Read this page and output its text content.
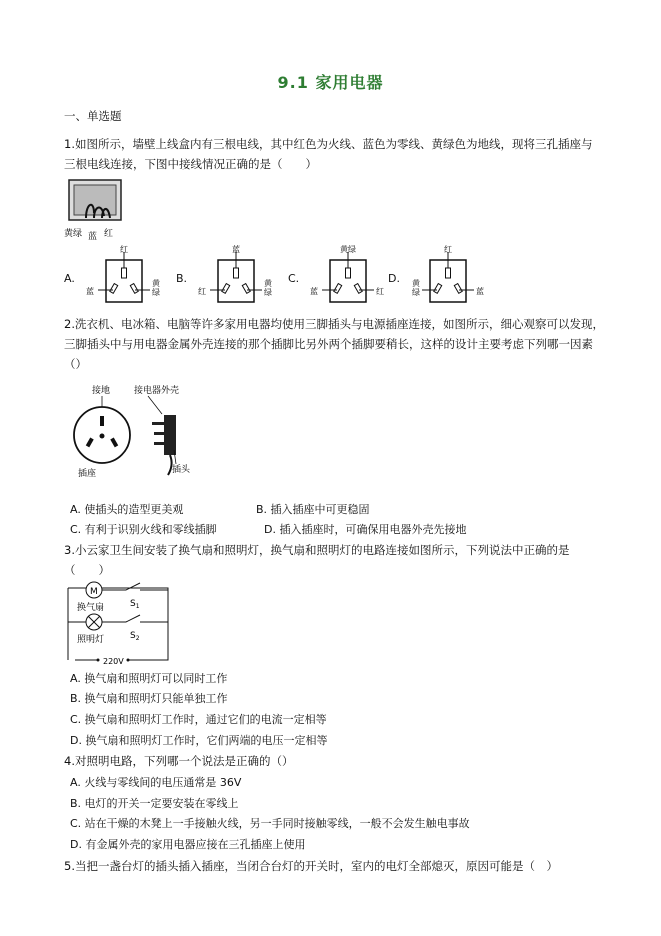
9.1 家用电器
一、单选题
1.如图所示，墙壁上线盒内有三根电线，其中红色为火线、蓝色为零线、黄绿色为地线，现将三孔插座与
三根电线连接，下图中接线情况正确的是（　　）
黄绿 蓝 红
A.
红
蓝
黄绿
B.
蓝
红
黄绿
C.
黄绿
蓝	红
D.
红
黄绿	蓝
2.洗衣机、电冰箱、电脑等许多家用电器均使用三脚插头与电源插座连接，如图所示，细心观察可以发现，
三脚插头中与用电器金属外壳连接的那个插脚比另外两个插脚要稍长，这样的设计主要考虑下列哪一因素
（）
接地	接电器外壳
插座	插头
A. 使插头的造型更美观	B. 插入插座中可更稳固
C. 有利于识别火线和零线插脚	D. 插入插座时，可确保用电器外壳先接地
3.小云家卫生间安装了换气扇和照明灯，换气扇和照明灯的电路连接如图所示，下列说法中正确的是
（　　）
M
换气扇
照明灯
$S_1$
$S_2$
220V
A. 换气扇和照明灯可以同时工作
B. 换气扇和照明灯只能单独工作
C. 换气扇和照明灯工作时，通过它们的电流一定相等
D. 换气扇和照明灯工作时，它们两端的电压一定相等
4.对照明电路，下列哪一个说法是正确的（）
A. 火线与零线间的电压通常是 36V
B. 电灯的开关一定要安装在零线上
C. 站在干燥的木凳上一手接触火线，另一手同时接触零线，一般不会发生触电事故
D. 有金属外壳的家用电器应接在三孔插座上使用
5.当把一盏台灯的插头插入插座，当闭合台灯的开关时，室内的电灯全部熄灭，原因可能是（　）
